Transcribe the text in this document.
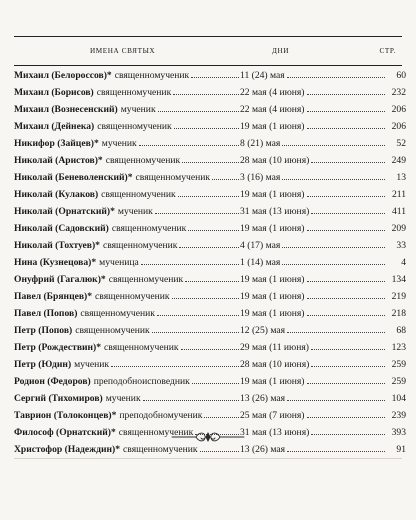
ИМЕНА СВЯТЫХ	ДНИ	СТР.
Михаил (Белороссов)* священномученик	11 (24) мая	60
Михаил (Борисов) священномученик	22 мая (4 июня)	232
Михаил (Вознесенский) мученик	22 мая (4 июня)	206
Михаил (Дейнека) священномученик	19 мая (1 июня)	206
Никифор (Зайцев)* мученик	8 (21) мая	52
Николай (Аристов)* священномученик	28 мая (10 июня)	249
Николай (Беневоленский)* священномученик	3 (16) мая	13
Николай (Кулаков) священномученик	19 мая (1 июня)	211
Николай (Орнатский)* мученик	31 мая (13 июня)	411
Николай (Садовский) священномученик	19 мая (1 июня)	209
Николай (Тохтуев)* священномученик	4 (17) мая	33
Нина (Кузнецова)* мученица	1 (14) мая	4
Онуфрий (Гагалюк)* священномученик	19 мая (1 июня)	134
Павел (Брянцев)* священномученик	19 мая (1 июня)	219
Павел (Попов) священномученик	19 мая (1 июня)	218
Петр (Попов) священномученик	12 (25) мая	68
Петр (Рождествин)* священномученик	29 мая (11 июня)	123
Петр (Юдин) мученик	28 мая (10 июня)	259
Родион (Федоров) преподобноисповедник	19 мая (1 июня)	259
Сергий (Тихомиров) мученик	13 (26) мая	104
Таврион (Толоконцев)* преподобномученик	25 мая (7 июня)	239
Философ (Орнатский)* священномученик	31 мая (13 июня)	393
Христофор (Надеждин)* священномученик	13 (26) мая	91
